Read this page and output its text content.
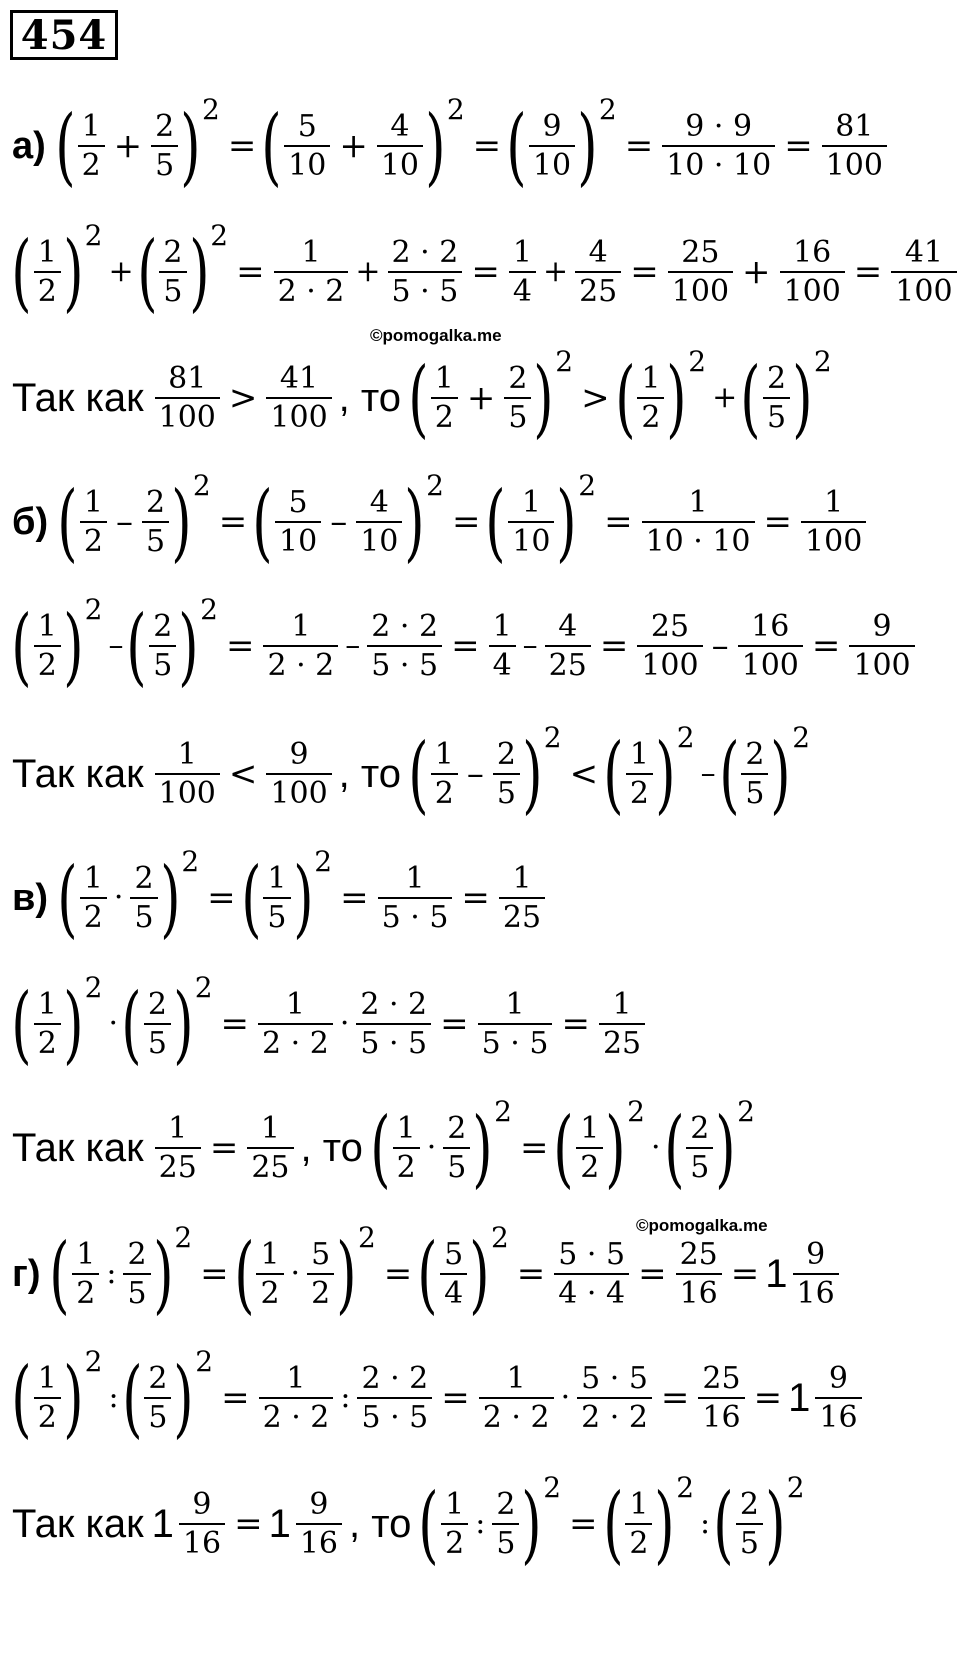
454
а) ( $\frac{1}{2} + \frac{2}{5}$ ) 2
= ( $\frac{5}{10} + \frac{4}{10}$ ) 2
= ( $\frac{9}{10}$ ) 2
= $\frac{9 \cdot 9}{10 \cdot 10} = \frac{81}{100}$
( $\frac{1}{2}$ ) 2
+ ( $\frac{2}{5}$ ) 2
= $\frac{1}{2 \cdot 2} + \frac{2 \cdot 2}{5 \cdot 5} = \frac{1}{4} + \frac{4}{25} = \frac{25}{100} + \frac{16}{100} = \frac{41}{100}$
©pomogalka.me
Так как $\frac{81}{100} > \frac{41}{100}$ , то ( $\frac{1}{2} + \frac{2}{5}$ ) 2
> ( $\frac{1}{2}$ ) 2
+ ( $\frac{2}{5}$ ) 2
б) ( $\frac{1}{2} - \frac{2}{5}$ ) 2
= ( $\frac{5}{10} - \frac{4}{10}$ ) 2
= ( $\frac{1}{10}$ ) 2
= $\frac{1}{10 \cdot 10} = \frac{1}{100}$
( $\frac{1}{2}$ ) 2
– ( $\frac{2}{5}$ ) 2
= $\frac{1}{2 \cdot 2} - \frac{2 \cdot 2}{5 \cdot 5} = \frac{1}{4} - \frac{4}{25} = \frac{25}{100} - \frac{16}{100} = \frac{9}{100}$
Так как $\frac{1}{100} < \frac{9}{100}$ , то ( $\frac{1}{2} - \frac{2}{5}$ ) 2
< ( $\frac{1}{2}$ ) 2
– ( $\frac{2}{5}$ ) 2
в) ( $\frac{1}{2} \cdot \frac{2}{5}$ ) 2
= ( $\frac{1}{5}$ ) 2
= $\frac{1}{5 \cdot 5} = \frac{1}{25}$
( $\frac{1}{2}$ ) 2
· ( $\frac{2}{5}$ ) 2
= $\frac{1}{2 \cdot 2} \cdot \frac{2 \cdot 2}{5 \cdot 5} = \frac{1}{5 \cdot 5} = \frac{1}{25}$
Так как $\frac{1}{25} = \frac{1}{25}$ , то ( $\frac{1}{2} \cdot \frac{2}{5}$ ) 2
= ( $\frac{1}{2}$ ) 2
· ( $\frac{2}{5}$ ) 2
©pomogalka.me
г) ( $\frac{1}{2}$ : $\frac{2}{5}$ ) 2
= ( $\frac{1}{2} \cdot \frac{5}{2}$ ) 2
= ( $\frac{5}{4}$ ) 2
= $\frac{5 \cdot 5}{4 \cdot 4} = \frac{25}{16} = 1 \frac{9}{16}$
( $\frac{1}{2}$ ) 2
: ( $\frac{2}{5}$ ) 2
= $\frac{1}{2 \cdot 2}$ : $\frac{2 \cdot 2}{5 \cdot 5} = \frac{1}{2 \cdot 2} \cdot \frac{5 \cdot 5}{2 \cdot 2} = \frac{25}{16} = 1 \frac{9}{16}$
Так как $1 \frac{9}{16} = 1 \frac{9}{16}$ , то ( $\frac{1}{2}$ : $\frac{2}{5}$ ) 2
= ( $\frac{1}{2}$ ) 2
: ( $\frac{2}{5}$ ) 2
